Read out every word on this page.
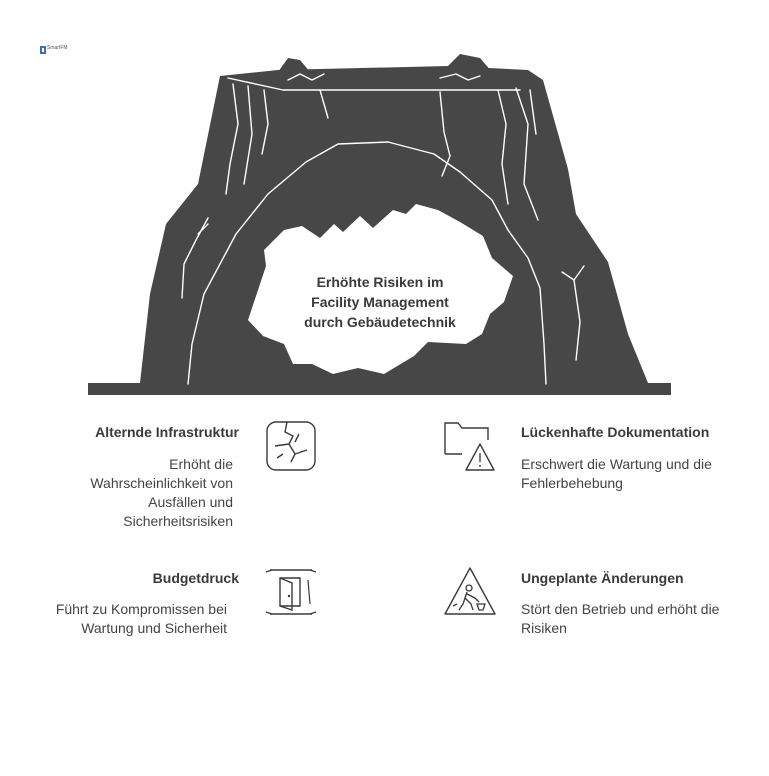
SmartFM
Erhöhte Risiken im Facility Management durch Gebäudetechnik
Alternde Infrastruktur
Erhöht die Wahrscheinlichkeit von Ausfällen und Sicherheitsrisiken
Lückenhafte Dokumentation
Erschwert die Wartung und die Fehlerbehebung
Budgetdruck
Führt zu Kompromissen bei Wartung und Sicherheit
Ungeplante Änderungen
Stört den Betrieb und erhöht die Risiken
